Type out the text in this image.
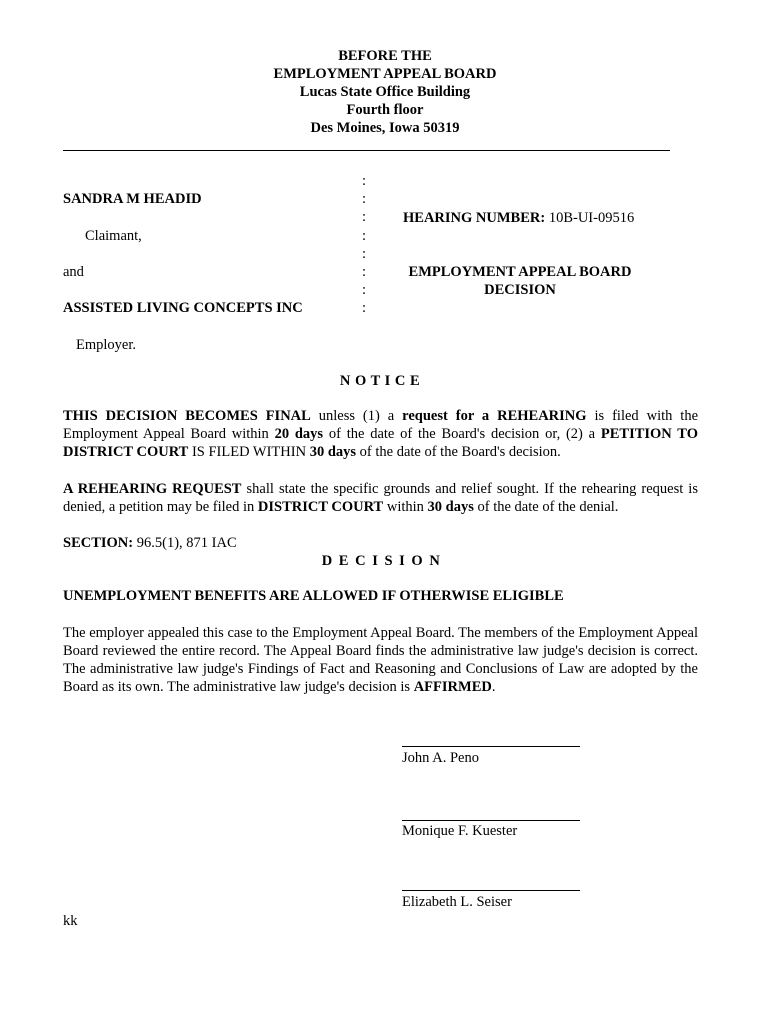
BEFORE THE
EMPLOYMENT APPEAL BOARD
Lucas State Office Building
Fourth floor
Des Moines, Iowa 50319
:
:
:
:
:
:
:
:
SANDRA M HEADID
Claimant,
and
ASSISTED LIVING CONCEPTS INC
Employer.
HEARING NUMBER: 10B-UI-09516
EMPLOYMENT APPEAL BOARD
DECISION
N O T I C E
THIS DECISION BECOMES FINAL unless (1) a request for a REHEARING is filed with the Employment Appeal Board within 20 days of the date of the Board's decision or, (2) a PETITION TO DISTRICT COURT IS FILED WITHIN 30 days of the date of the Board's decision.
A REHEARING REQUEST shall state the specific grounds and relief sought. If the rehearing request is denied, a petition may be filed in DISTRICT COURT within 30 days of the date of the denial.
SECTION: 96.5(1), 871 IAC
D E C I S I O N
UNEMPLOYMENT BENEFITS ARE ALLOWED IF OTHERWISE ELIGIBLE
The employer appealed this case to the Employment Appeal Board. The members of the Employment Appeal Board reviewed the entire record. The Appeal Board finds the administrative law judge's decision is correct. The administrative law judge's Findings of Fact and Reasoning and Conclusions of Law are adopted by the Board as its own. The administrative law judge's decision is AFFIRMED.
John A. Peno
Monique F. Kuester
Elizabeth L. Seiser
kk
